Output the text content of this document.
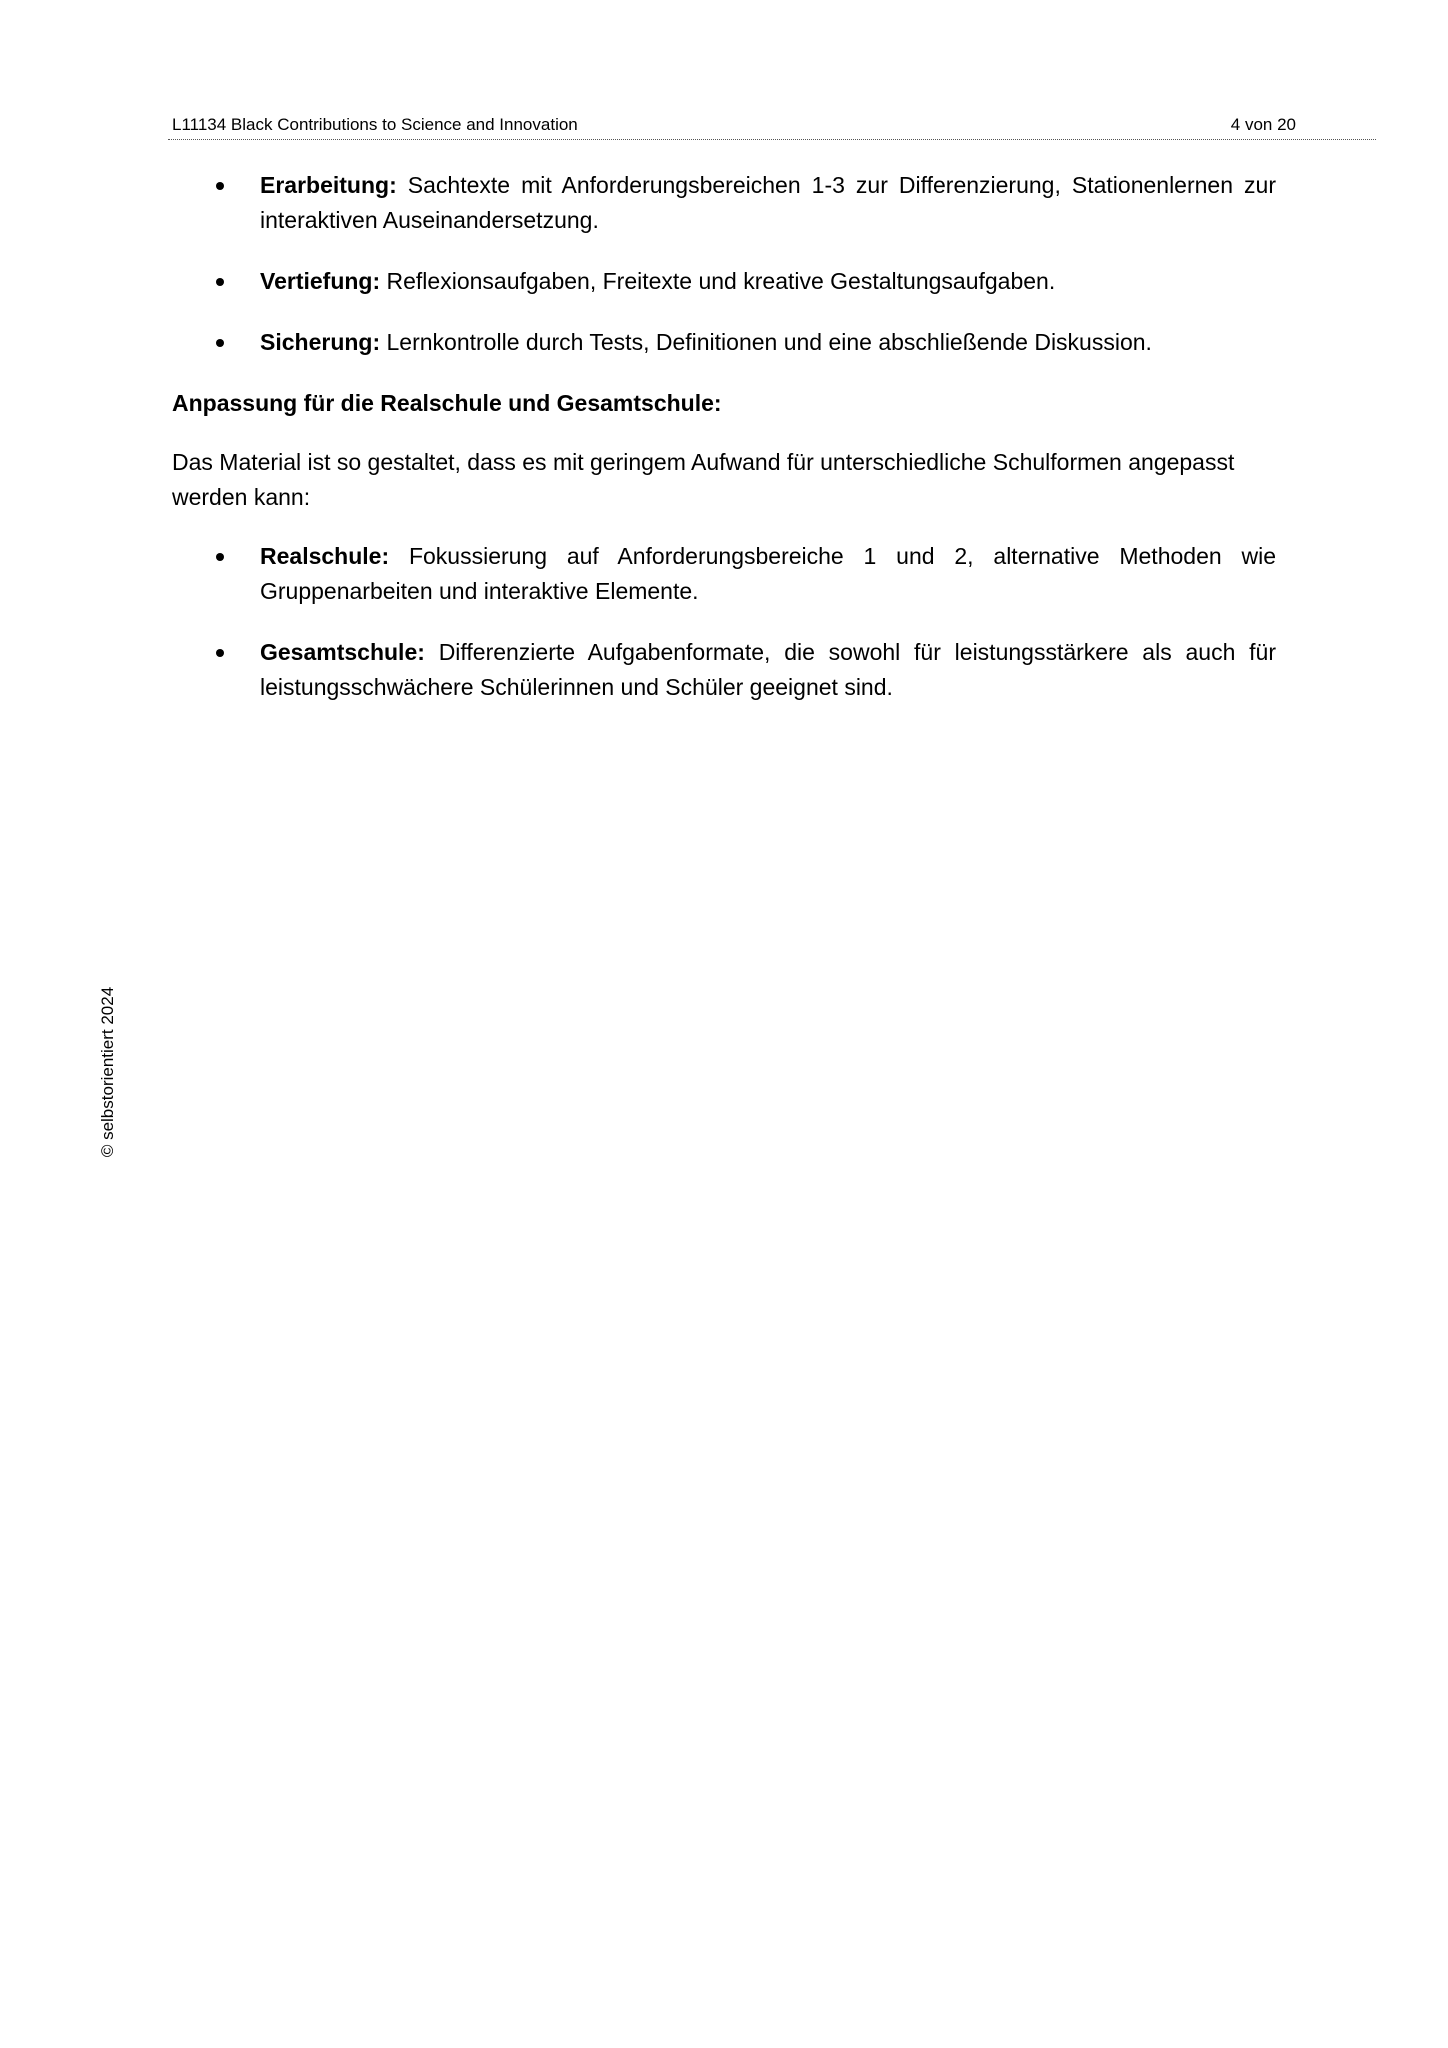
L11134 Black Contributions to Science and Innovation	4 von 20
Erarbeitung: Sachtexte mit Anforderungsbereichen 1-3 zur Differenzierung, Stationenlernen zur interaktiven Auseinandersetzung.
Vertiefung: Reflexionsaufgaben, Freitexte und kreative Gestaltungsaufgaben.
Sicherung: Lernkontrolle durch Tests, Definitionen und eine abschließende Diskussion.

Anpassung für die Realschule und Gesamtschule:

Das Material ist so gestaltet, dass es mit geringem Aufwand für unterschiedliche Schulformen angepasst werden kann:

Realschule: Fokussierung auf Anforderungsbereiche 1 und 2, alternative Methoden wie Gruppenarbeiten und interaktive Elemente.
Gesamtschule: Differenzierte Aufgabenformate, die sowohl für leistungsstärkere als auch für leistungsschwächere Schülerinnen und Schüler geeignet sind.
© selbstorientiert 2024
